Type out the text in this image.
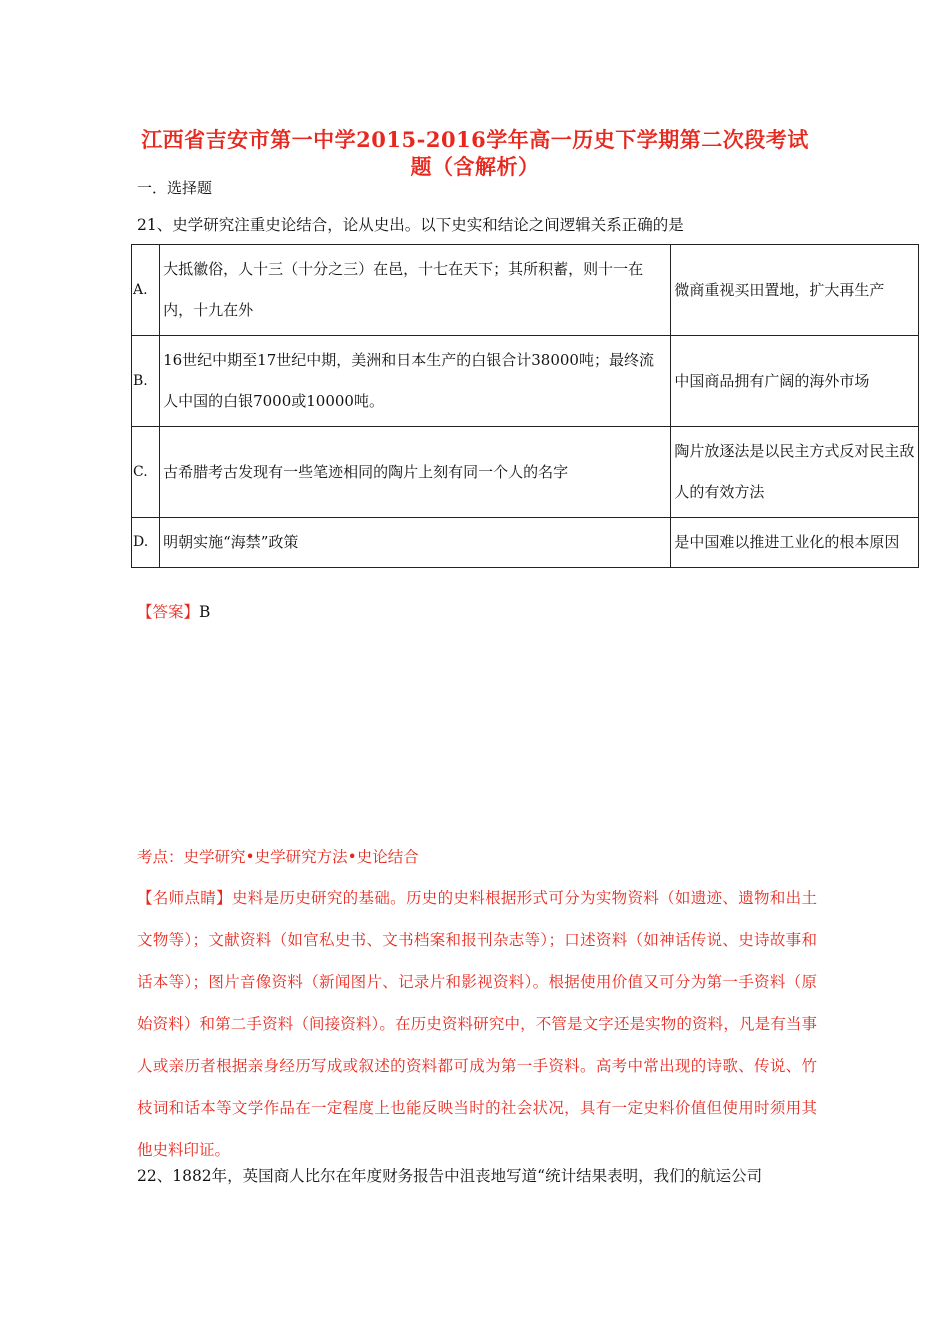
江西省吉安市第一中学2015-2016学年高一历史下学期第二次段考试
题（含解析）
一．选择题
21、史学研究注重史论结合，论从史出。以下史实和结论之间逻辑关系正确的是
A.	大抵徽俗，人十三（十分之三）在邑，十七在天下；其所积蓄，则十一在内，十九在外	微商重视买田置地，扩大再生产
B.	16世纪中期至17世纪中期，美洲和日本生产的白银合计38000吨；最终流人中国的白银7000或10000吨。	中国商品拥有广阔的海外市场
C.	古希腊考古发现有一些笔迹相同的陶片上刻有同一个人的名字	陶片放逐法是以民主方式反对民主敌人的有效方法
D.	明朝实施“海禁”政策	是中国难以推进工业化的根本原因
【答案】B
考点：史学研究•史学研究方法•史论结合
【名师点睛】史料是历史研究的基础。历史的史料根据形式可分为实物资料（如遗迹、遗物和出土文物等）；文献资料（如官私史书、文书档案和报刊杂志等）；口述资料（如神话传说、史诗故事和话本等）；图片音像资料（新闻图片、记录片和影视资料）。根据使用价值又可分为第一手资料（原始资料）和第二手资料（间接资料）。在历史资料研究中，不管是文字还是实物的资料，凡是有当事人或亲历者根据亲身经历写成或叙述的资料都可成为第一手资料。高考中常出现的诗歌、传说、竹枝词和话本等文学作品在一定程度上也能反映当时的社会状况，具有一定史料价值但使用时须用其他史料印证。
22、1882年，英国商人比尔在年度财务报告中沮丧地写道“统计结果表明，我们的航运公司
